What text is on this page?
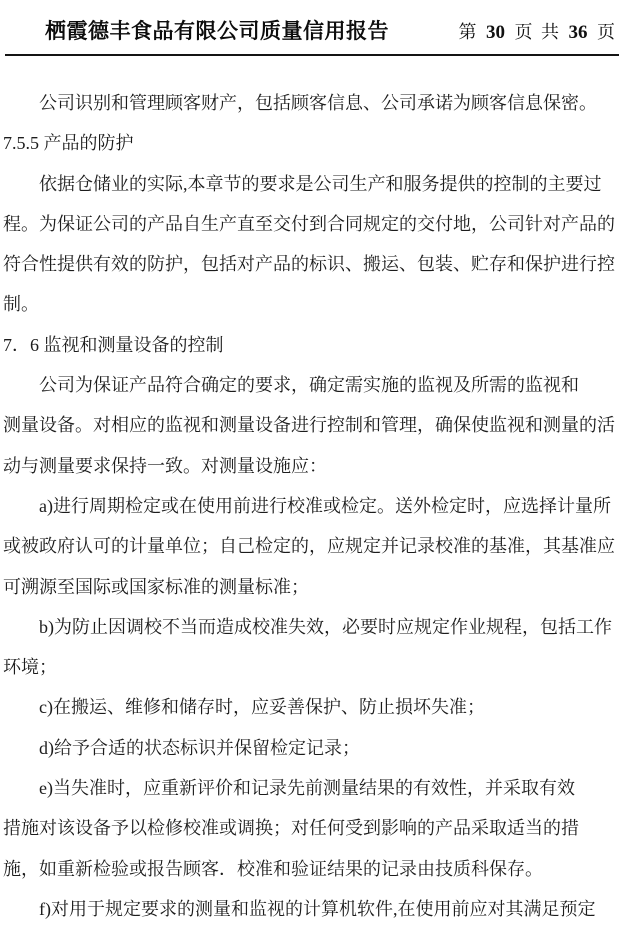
栖霞德丰食品有限公司质量信用报告	第 30 页 共 36 页
公司识别和管理顾客财产，包括顾客信息、公司承诺为顾客信息保密。
7.5.5 产品的防护
依据仓储业的实际,本章节的要求是公司生产和服务提供的控制的主要过
程。为保证公司的产品自生产直至交付到合同规定的交付地，公司针对产品的
符合性提供有效的防护，包括对产品的标识、搬运、包装、贮存和保护进行控
制。
7．6 监视和测量设备的控制
公司为保证产品符合确定的要求，确定需实施的监视及所需的监视和
测量设备。对相应的监视和测量设备进行控制和管理，确保使监视和测量的活
动与测量要求保持一致。对测量设施应：
a)进行周期检定或在使用前进行校准或检定。送外检定时，应选择计量所
或被政府认可的计量单位；自己检定的，应规定并记录校准的基准，其基准应
可溯源至国际或国家标准的测量标准；
b)为防止因调校不当而造成校准失效，必要时应规定作业规程，包括工作
环境；
c)在搬运、维修和储存时，应妥善保护、防止损坏失准；
d)给予合适的状态标识并保留检定记录；
e)当失准时，应重新评价和记录先前测量结果的有效性，并采取有效
措施对该设备予以检修校准或调换；对任何受到影响的产品采取适当的措
施，如重新检验或报告顾客．校准和验证结果的记录由技质科保存。
f)对用于规定要求的测量和监视的计算机软件,在使用前应对其满足预定
